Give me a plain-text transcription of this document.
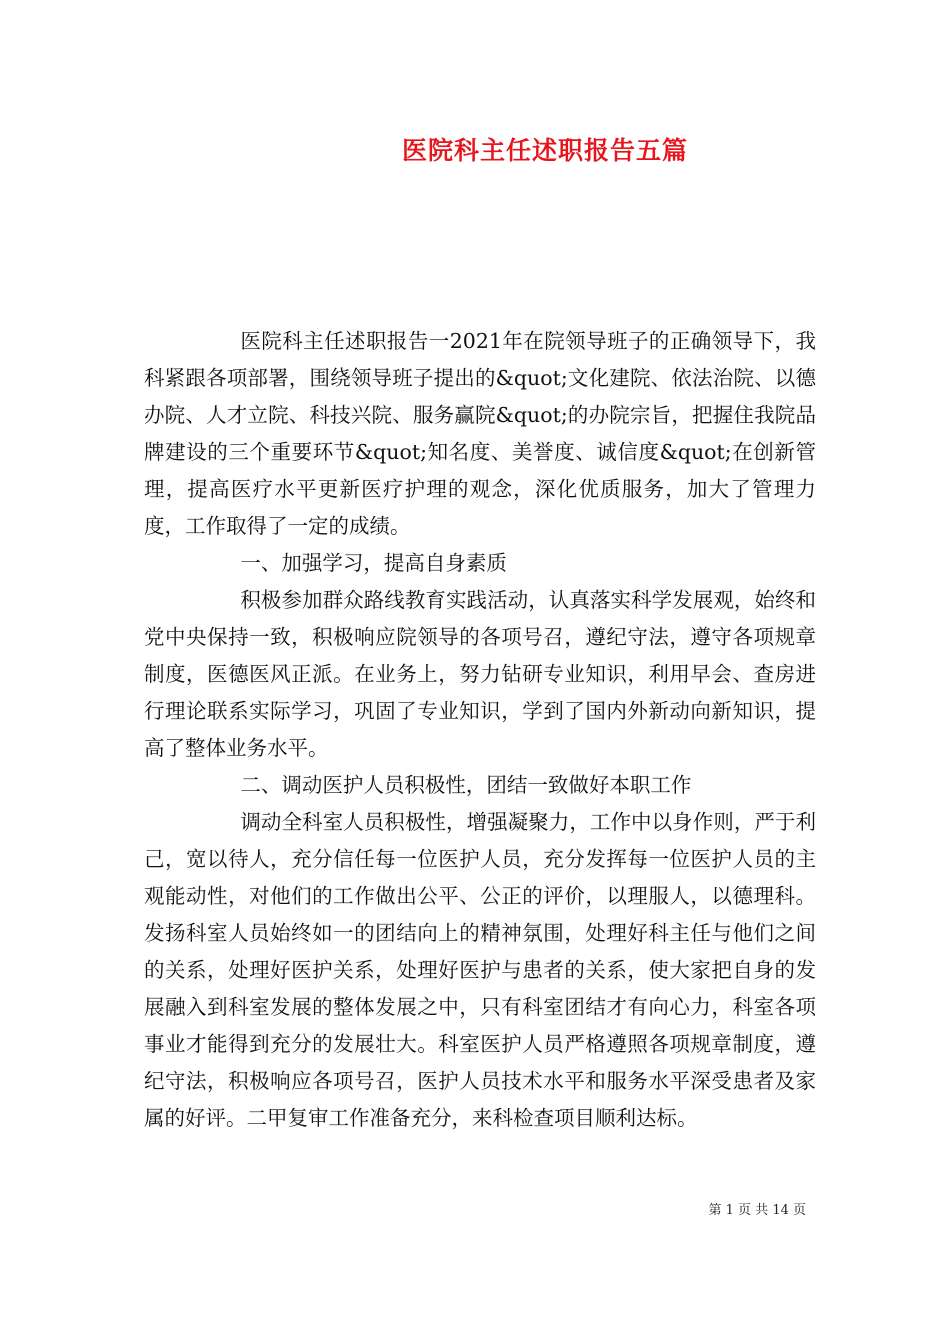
医院科主任述职报告五篇

医院科主任述职报告一2021年在院领导班子的正确领导下，我科紧跟各项部署，围绕领导班子提出的&quot;文化建院、依法治院、以德办院、人才立院、科技兴院、服务赢院&quot;的办院宗旨，把握住我院品牌建设的三个重要环节&quot;知名度、美誉度、诚信度&quot;在创新管理，提高医疗水平更新医疗护理的观念，深化优质服务，加大了管理力度，工作取得了一定的成绩。

一、加强学习，提高自身素质

积极参加群众路线教育实践活动，认真落实科学发展观，始终和党中央保持一致，积极响应院领导的各项号召，遵纪守法，遵守各项规章制度，医德医风正派。在业务上，努力钻研专业知识，利用早会、查房进行理论联系实际学习，巩固了专业知识，学到了国内外新动向新知识，提高了整体业务水平。

二、调动医护人员积极性，团结一致做好本职工作

调动全科室人员积极性，增强凝聚力，工作中以身作则，严于利己，宽以待人，充分信任每一位医护人员，充分发挥每一位医护人员的主观能动性，对他们的工作做出公平、公正的评价，以理服人，以德理科。发扬科室人员始终如一的团结向上的精神氛围，处理好科主任与他们之间的关系，处理好医护关系，处理好医护与患者的关系，使大家把自身的发展融入到科室发展的整体发展之中，只有科室团结才有向心力，科室各项事业才能得到充分的发展壮大。科室医护人员严格遵照各项规章制度，遵纪守法，积极响应各项号召，医护人员技术水平和服务水平深受患者及家属的好评。二甲复审工作准备充分，来科检查项目顺利达标。

第 1 页 共 14 页
